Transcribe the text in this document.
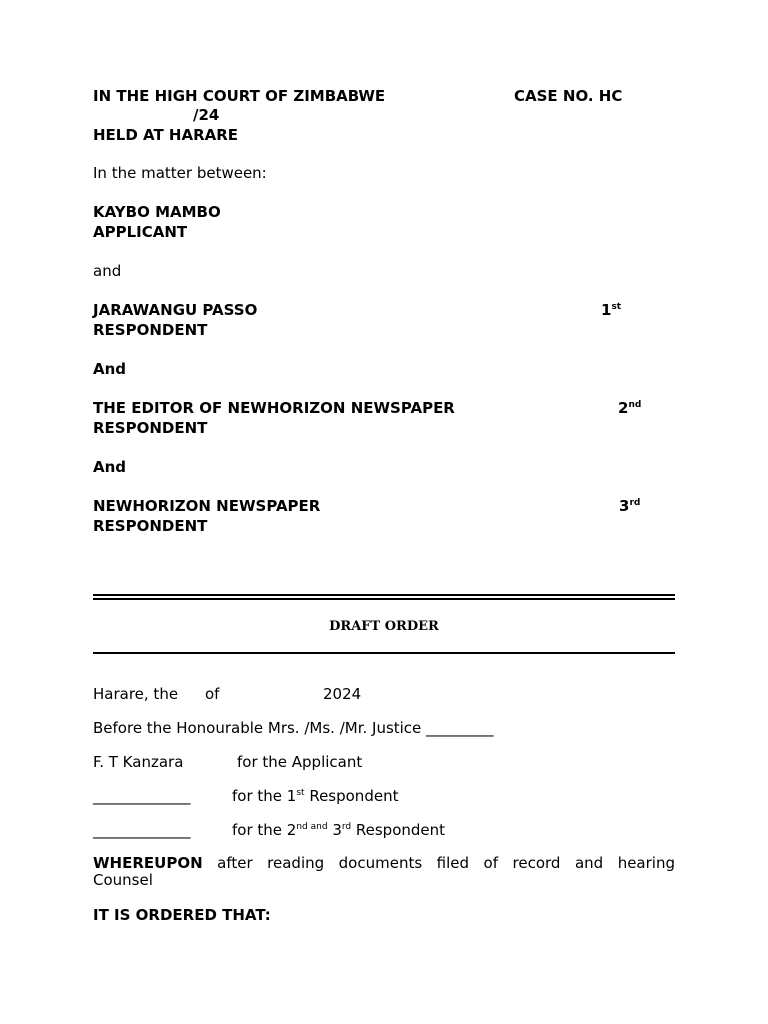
IN THE HIGH COURT OF ZIMBABWE	CASE NO. HC
/24
HELD AT HARARE
In the matter between:
KAYBO MAMBO
APPLICANT
and
JARAWANGU PASSO	1st
RESPONDENT
And
THE EDITOR OF NEWHORIZON NEWSPAPER	2nd
RESPONDENT
And
NEWHORIZON NEWSPAPER	3rd
RESPONDENT
DRAFT ORDER
Harare, the of	2024
Before the Honourable Mrs. /Ms. /Mr. Justice _________
F. T Kanzara	for the Applicant
_____________	for the 1st Respondent
_____________	for the $2^{nd and}$ 3rd Respondent
WHEREUPON after reading documents filed of record and hearing
Counsel
IT IS ORDERED THAT:
